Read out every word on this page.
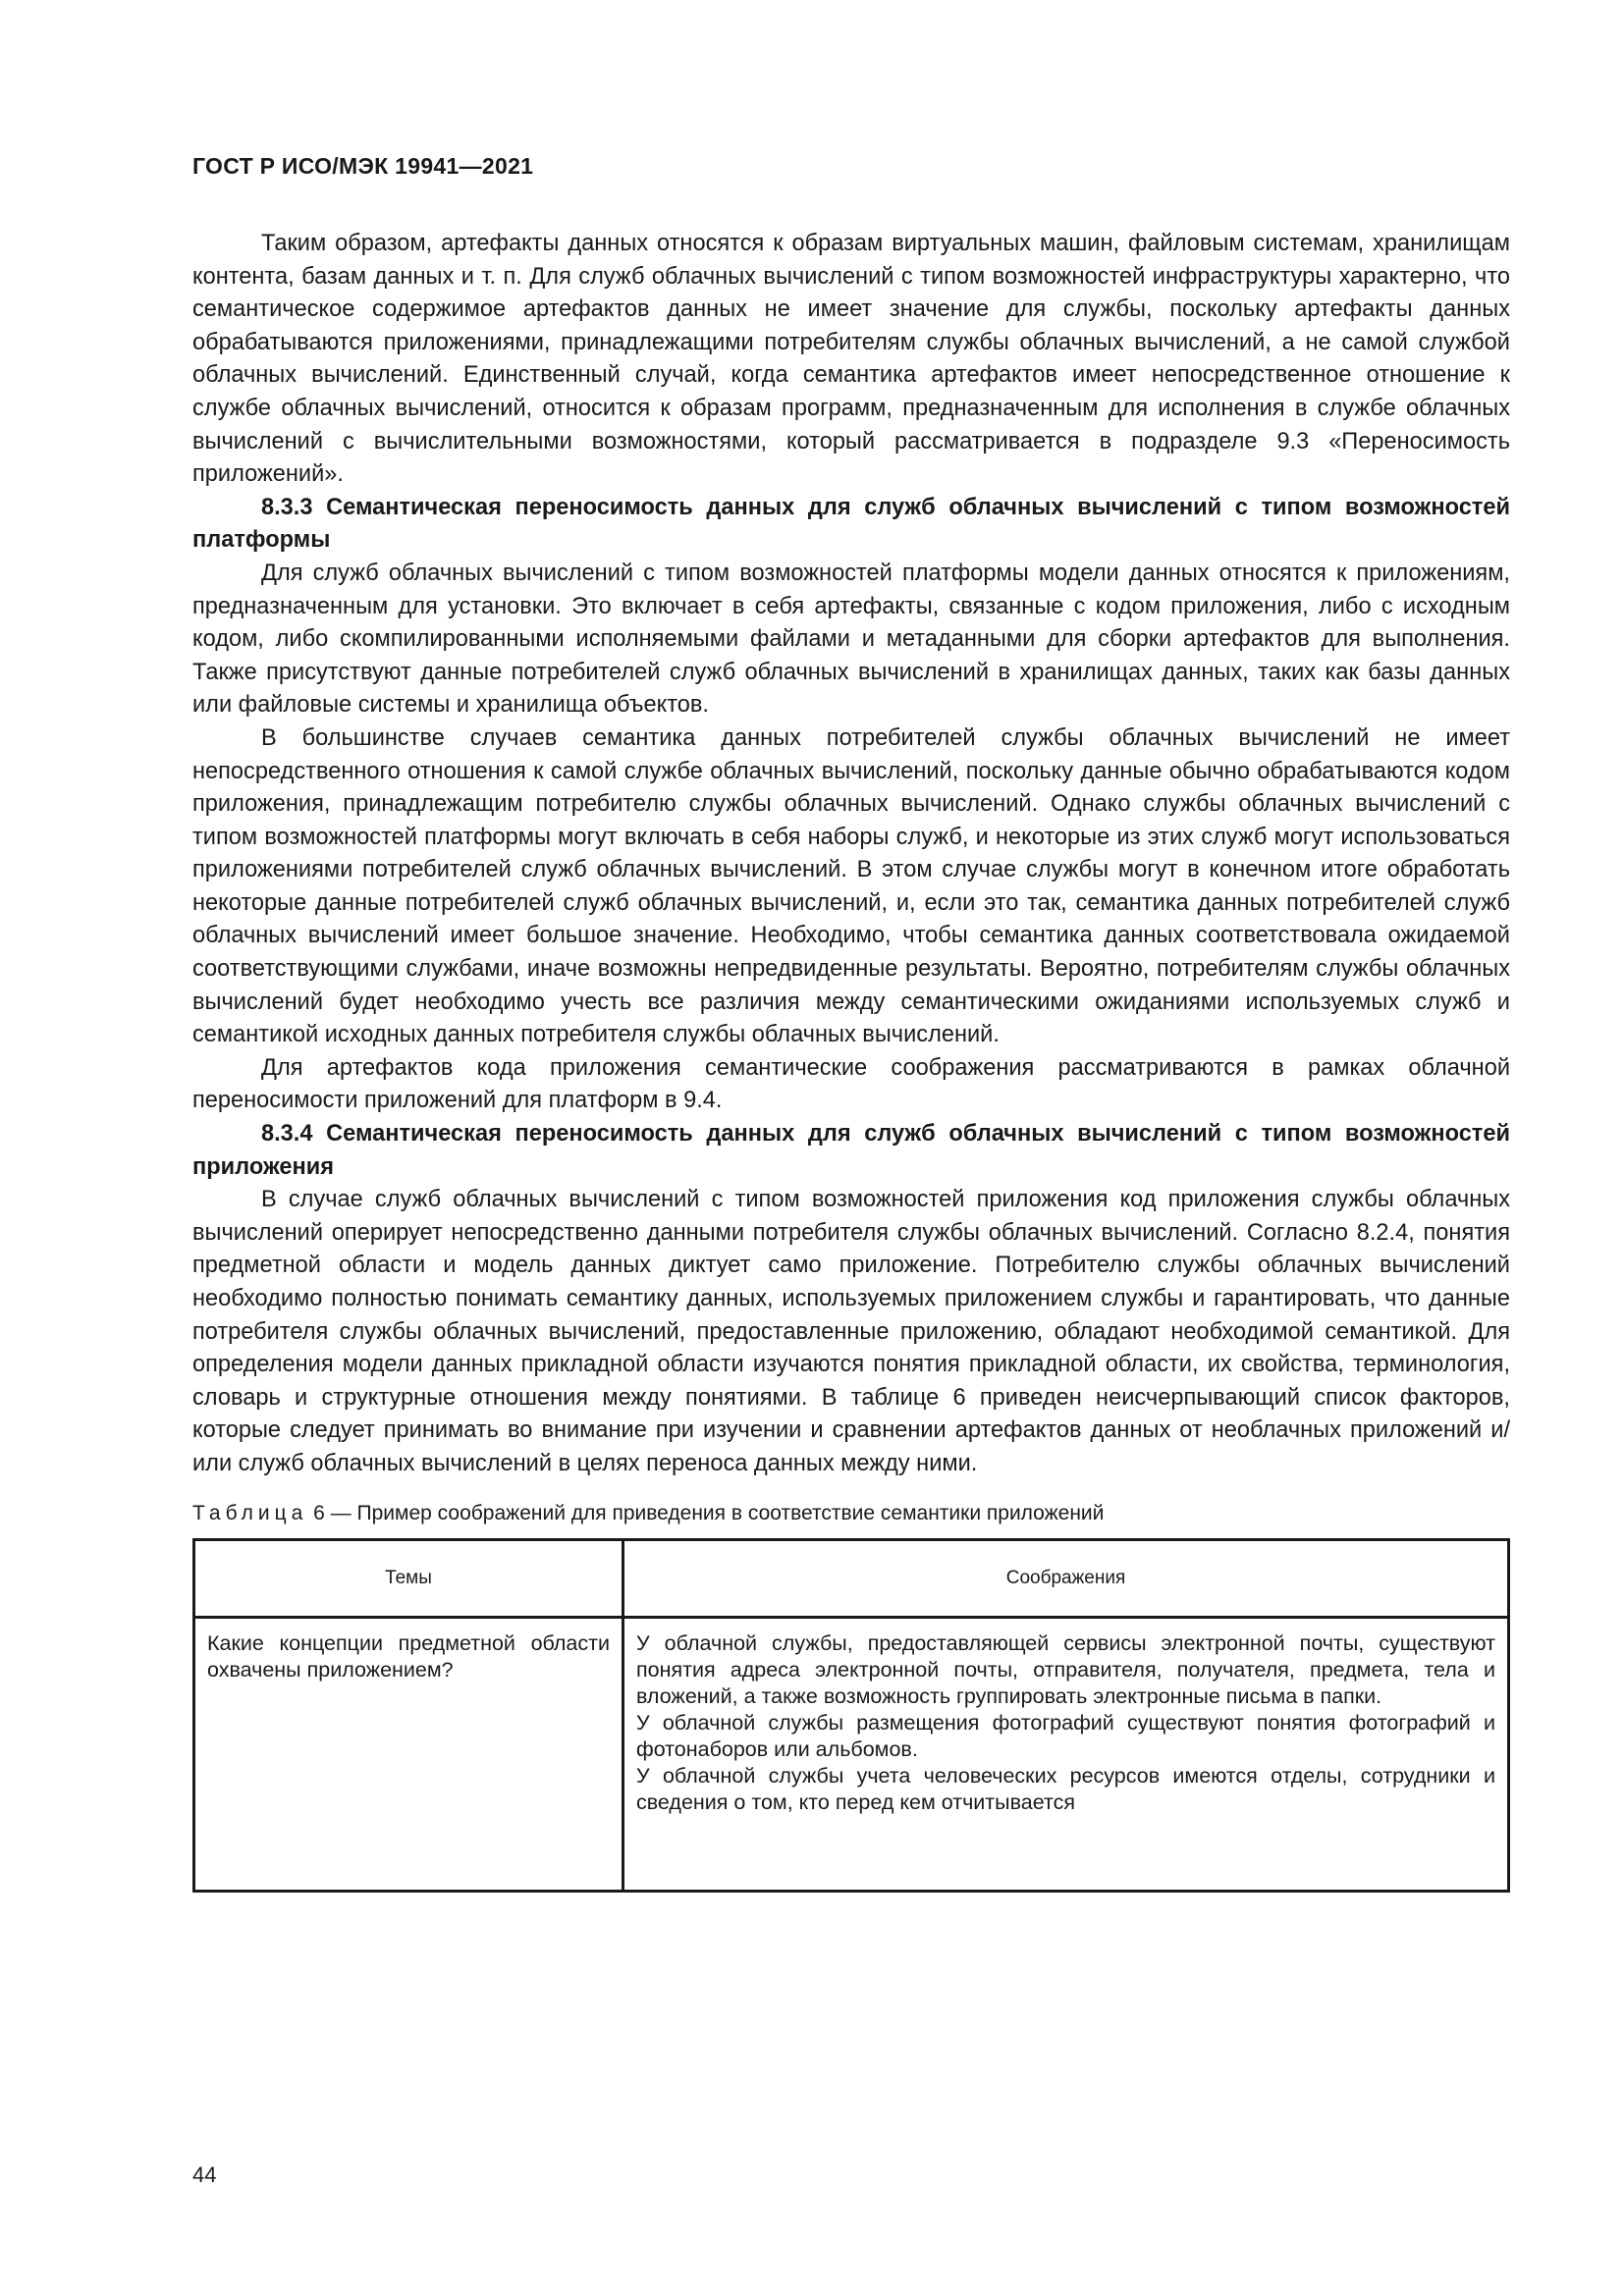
ГОСТ Р ИСО/МЭК 19941—2021

Таким образом, артефакты данных относятся к образам виртуальных машин, файловым системам, хранилищам контента, базам данных и т. п. Для служб облачных вычислений с типом возможностей инфраструктуры характерно, что семантическое содержимое артефактов данных не имеет значение для службы, поскольку артефакты данных обрабатываются приложениями, принадлежащими потребителям службы облачных вычислений, а не самой службой облачных вычислений. Единственный случай, когда семантика артефактов имеет непосредственное отношение к службе облачных вычислений, относится к образам программ, предназначенным для исполнения в службе облачных вычислений с вычислительными возможностями, который рассматривается в подразделе 9.3 «Переносимость приложений».

8.3.3 Семантическая переносимость данных для служб облачных вычислений с типом возможностей платформы

Для служб облачных вычислений с типом возможностей платформы модели данных относятся к приложениям, предназначенным для установки. Это включает в себя артефакты, связанные с кодом приложения, либо с исходным кодом, либо скомпилированными исполняемыми файлами и метаданными для сборки артефактов для выполнения. Также присутствуют данные потребителей служб облачных вычислений в хранилищах данных, таких как базы данных или файловые системы и хранилища объектов.

В большинстве случаев семантика данных потребителей службы облачных вычислений не имеет непосредственного отношения к самой службе облачных вычислений, поскольку данные обычно обрабатываются кодом приложения, принадлежащим потребителю службы облачных вычислений. Однако службы облачных вычислений с типом возможностей платформы могут включать в себя наборы служб, и некоторые из этих служб могут использоваться приложениями потребителей служб облачных вычислений. В этом случае службы могут в конечном итоге обработать некоторые данные потребителей служб облачных вычислений, и, если это так, семантика данных потребителей служб облачных вычислений имеет большое значение. Необходимо, чтобы семантика данных соответствовала ожидаемой соответствующими службами, иначе возможны непредвиденные результаты. Вероятно, потребителям службы облачных вычислений будет необходимо учесть все различия между семантическими ожиданиями используемых служб и семантикой исходных данных потребителя службы облачных вычислений.

Для артефактов кода приложения семантические соображения рассматриваются в рамках облачной переносимости приложений для платформ в 9.4.

8.3.4 Семантическая переносимость данных для служб облачных вычислений с типом возможностей приложения

В случае служб облачных вычислений с типом возможностей приложения код приложения службы облачных вычислений оперирует непосредственно данными потребителя службы облачных вычислений. Согласно 8.2.4, понятия предметной области и модель данных диктует само приложение. Потребителю службы облачных вычислений необходимо полностью понимать семантику данных, используемых приложением службы и гарантировать, что данные потребителя службы облачных вычислений, предоставленные приложению, обладают необходимой семантикой. Для определения модели данных прикладной области изучаются понятия прикладной области, их свойства, терминология, словарь и структурные отношения между понятиями. В таблице 6 приведен неисчерпывающий список факторов, которые следует принимать во внимание при изучении и сравнении артефактов данных от необлачных приложений и/или служб облачных вычислений в целях переноса данных между ними.

Таблица 6 — Пример соображений для приведения в соответствие семантики приложений
Темы	Соображения

Какие концепции предметной области охвачены приложением?	У облачной службы, предоставляющей сервисы электронной почты, существуют понятия адреса электронной почты, отправителя, получателя, предмета, тела и вложений, а также возможность группировать электронные письма в папки.
У облачной службы размещения фотографий существуют понятия фотографий и фотонаборов или альбомов.
У облачной службы учета человеческих ресурсов имеются отделы, сотрудники и сведения о том, кто перед кем отчитывается
44
